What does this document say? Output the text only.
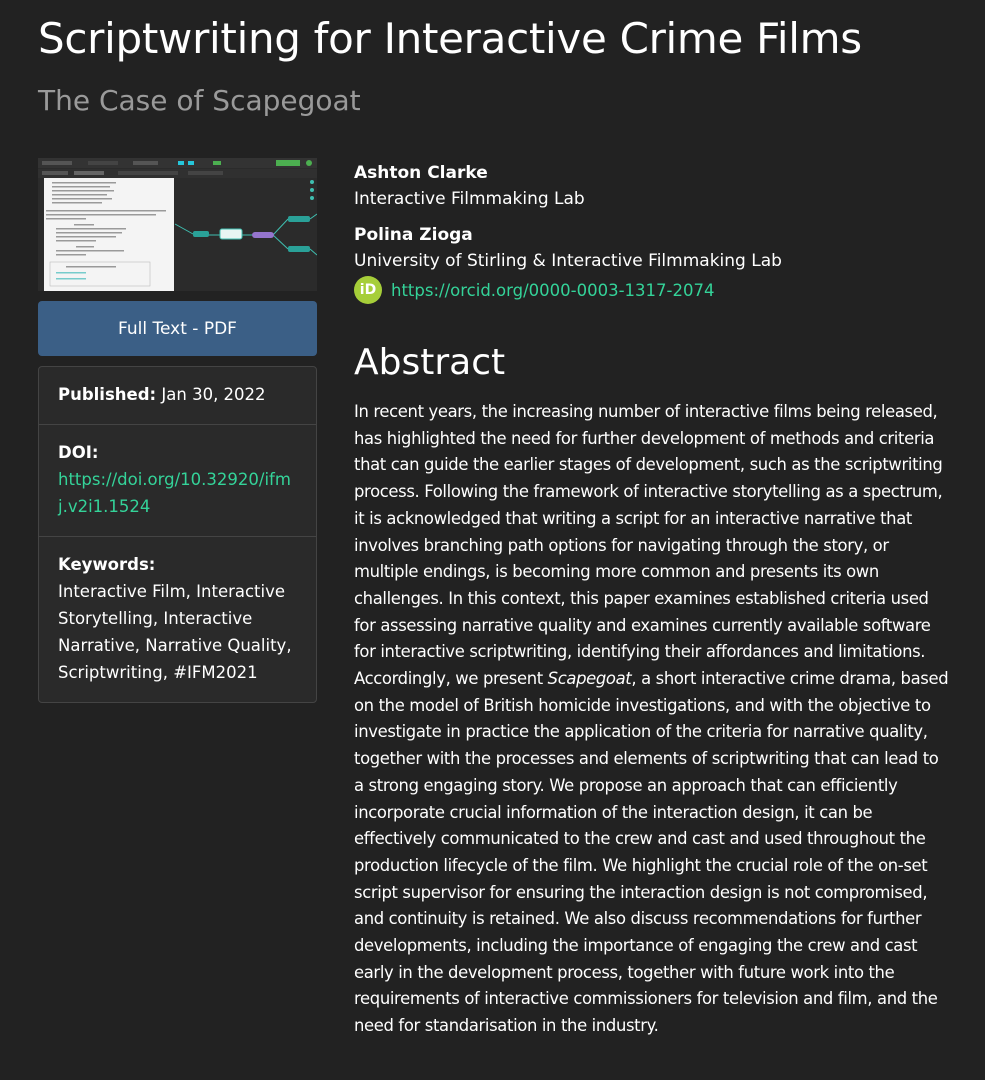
Scriptwriting for Interactive Crime Films
The Case of Scapegoat
Full Text - PDF
Published: Jan 30, 2022
DOI:
https://doi.org/10.32920/ifmj.v2i1.1524
Keywords:
Interactive Film, Interactive Storytelling, Interactive Narrative, Narrative Quality, Scriptwriting, #IFM2021
Ashton Clarke
Interactive Filmmaking Lab
Polina Zioga
University of Stirling & Interactive Filmmaking Lab
iD https://orcid.org/0000-0003-1317-2074
Abstract

In recent years, the increasing number of interactive films being released, has highlighted the need for further development of methods and criteria that can guide the earlier stages of development, such as the scriptwriting process. Following the framework of interactive storytelling as a spectrum, it is acknowledged that writing a script for an interactive narrative that involves branching path options for navigating through the story, or multiple endings, is becoming more common and presents its own challenges. In this context, this paper examines established criteria used for assessing narrative quality and examines currently available software for interactive scriptwriting, identifying their affordances and limitations. Accordingly, we present Scapegoat, a short interactive crime drama, based on the model of British homicide investigations, and with the objective to investigate in practice the application of the criteria for narrative quality, together with the processes and elements of scriptwriting that can lead to a strong engaging story. We propose an approach that can efficiently incorporate crucial information of the interaction design, it can be effectively communicated to the crew and cast and used throughout the production lifecycle of the film. We highlight the crucial role of the on-set script supervisor for ensuring the interaction design is not compromised, and continuity is retained. We also discuss recommendations for further developments, including the importance of engaging the crew and cast early in the development process, together with future work into the requirements of interactive commissioners for television and film, and the need for standarisation in the industry.
